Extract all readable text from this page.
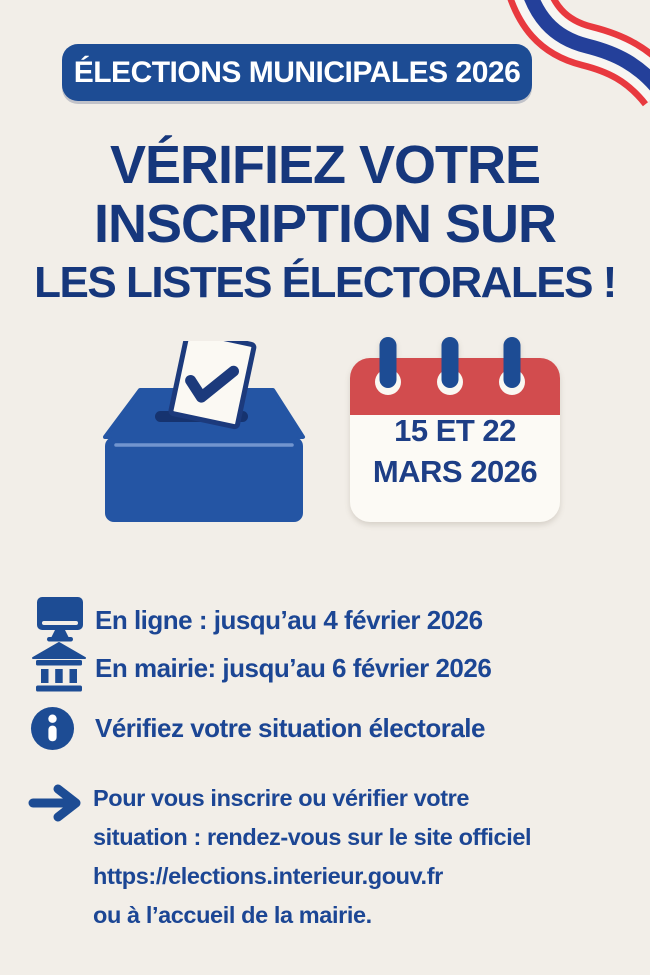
ÉLECTIONS MUNICIPALES 2026
VÉRIFIEZ VOTRE
INSCRIPTION SUR
LES LISTES ÉLECTORALES !
15 ET 22
MARS 2026
En ligne : jusqu’au 4 février 2026
En mairie: jusqu’au 6 février 2026
Vérifiez votre situation électorale
Pour vous inscrire ou vérifier votre
situation : rendez-vous sur le site officiel
https://elections.interieur.gouv.fr
ou à l’accueil de la mairie.
